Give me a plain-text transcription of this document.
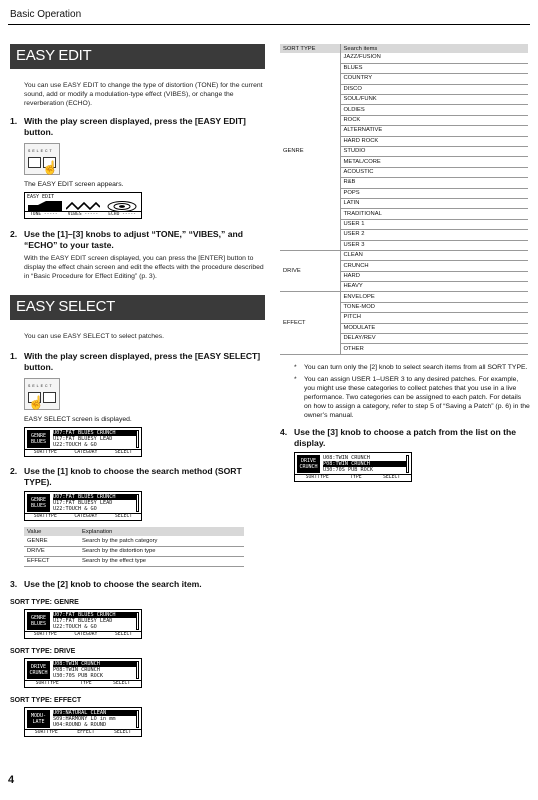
Basic Operation
EASY EDIT
You can use EASY EDIT to change the type of distortion (TONE) for the current sound, add or modify a modulation-type effect (VIBES), or change the reverberation (ECHO).
1. With the play screen displayed, press the [EASY EDIT] button.
SELECT
☝
The EASY EDIT screen appears.
EASY EDIT
TONE ----- VIBES ----- ECHO -----
2. Use the [1]–[3] knobs to adjust “TONE,” “VIBES,” and “ECHO” to your taste.
With the EASY EDIT screen displayed, you can press the [ENTER] button to display the effect chain screen and edit the effects with the procedure described in “Basic Procedure for Effect Editing” (p. 3).
EASY SELECT
You can use EASY SELECT to select patches.
1. With the play screen displayed, press the [EASY SELECT] button.
SELECT
☝
EASY SELECT screen is displayed.
GENRE
BLUES
U07:FAT BLUES CRUNCH
U17:FAT BLUESY LEAD
U22:TOUCH & GO
SORTTYPE	CATEGORY	SELECT
2. Use the [1] knob to choose the search method (SORT TYPE).
GENRE
BLUES
U07:FAT BLUES CRUNCH
U17:FAT BLUESY LEAD
U22:TOUCH & GO
SORTTYPE	CATEGORY	SELECT
Value	Explanation
GENRE	Search by the patch category
DRIVE	Search by the distortion type
EFFECT	Search by the effect type
3. Use the [2] knob to choose the search item.
SORT TYPE: GENRE
GENRE
BLUES
U07:FAT BLUES CRUNCH
U17:FAT BLUESY LEAD
U22:TOUCH & GO
SORTTYPE	CATEGORY	SELECT
SORT TYPE: DRIVE
DRIVE
CRUNCH
U08:TWIN CRUNCH
P08:TWIN CRUNCH
U30:70S PUB ROCK
SORTTYPE	TYPE	SELECT
SORT TYPE: EFFECT
MODU-
LATE
U09:NATURAL CLEAN
S09:HARMONY LO in mm
U04:ROUND & ROUND
SORTTYPE	EFFECT	SELECT
SORT TYPE	Search items
GENRE	JAZZ/FUSION
	BLUES
	COUNTRY
	DISCO
	SOUL/FUNK
	OLDIES
	ROCK
	ALTERNATIVE
	HARD ROCK
	STUDIO
	METAL/CORE
	ACOUSTIC
	R&B
	POPS
	LATIN
	TRADITIONAL
	USER 1
	USER 2
	USER 3
DRIVE	CLEAN
	CRUNCH
	HARD
	HEAVY
EFFECT	ENVELOPE
	TONE-MOD
	PITCH
	MODULATE
	DELAY/REV
	OTHER
*	You can turn only the [2] knob to select search items from all SORT TYPE.
*	You can assign USER 1–USER 3 to any desired patches. For example, you might use these categories to collect patches that you use in a live performance. Two categories can be assigned to each patch. For details on how to assign a category, refer to step 5 of “Saving a Patch” (p. 6) in the owner’s manual.
4. Use the [3] knob to choose a patch from the list on the display.
DRIVE
CRUNCH
U08:TWIN CRUNCH
P08:TWIN CRUNCH
U30:70S PUB ROCK
SORTTYPE	TYPE	SELECT
4
